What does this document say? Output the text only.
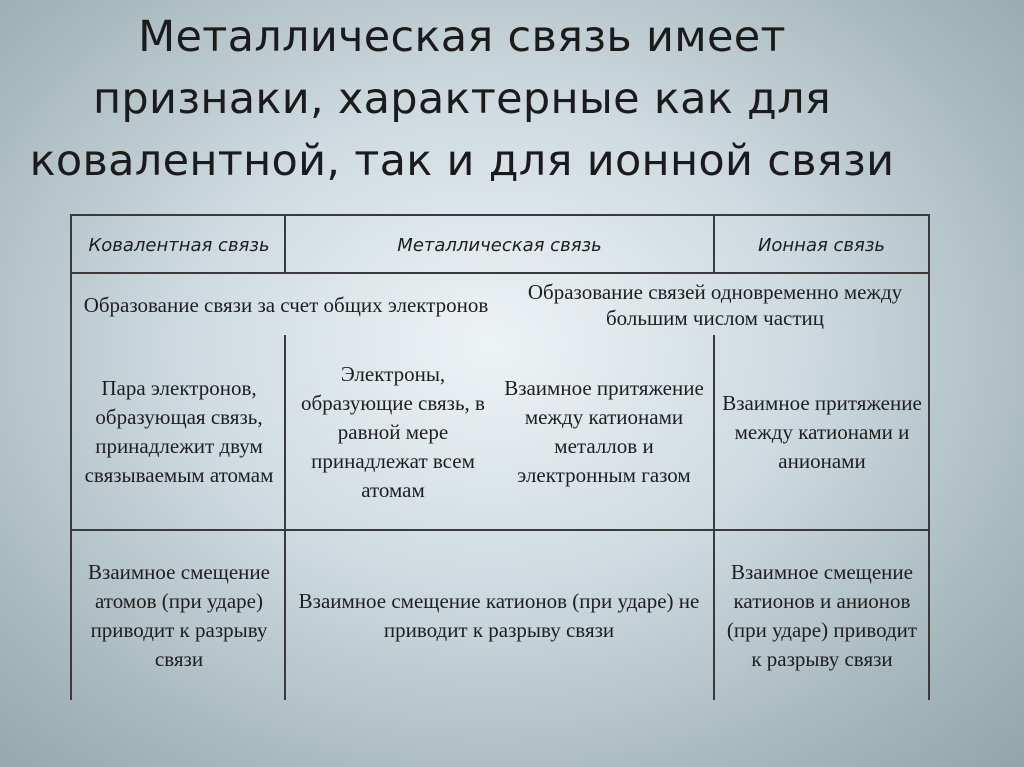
Металлическая связь имеет
признаки, характерные как для
ковалентной, так и для ионной связи
Ковалентная связь	Металлическая связь	Ионная связь
Образование связи за счет общих электронов
Образование связей одновременно между большим числом частиц
Пара электронов, образующая связь, принадлежит двум связываемым атомам
Электроны, образующие связь, в равной мере принадлежат всем атомам
Взаимное притяжение между катионами металлов и электронным газом
Взаимное притяжение между катионами и анионами
Взаимное смещение атомов (при ударе) приводит к разрыву связи
Взаимное смещение катионов (при ударе) не приводит к разрыву связи
Взаимное смещение катионов и анионов (при ударе) приводит к разрыву связи
